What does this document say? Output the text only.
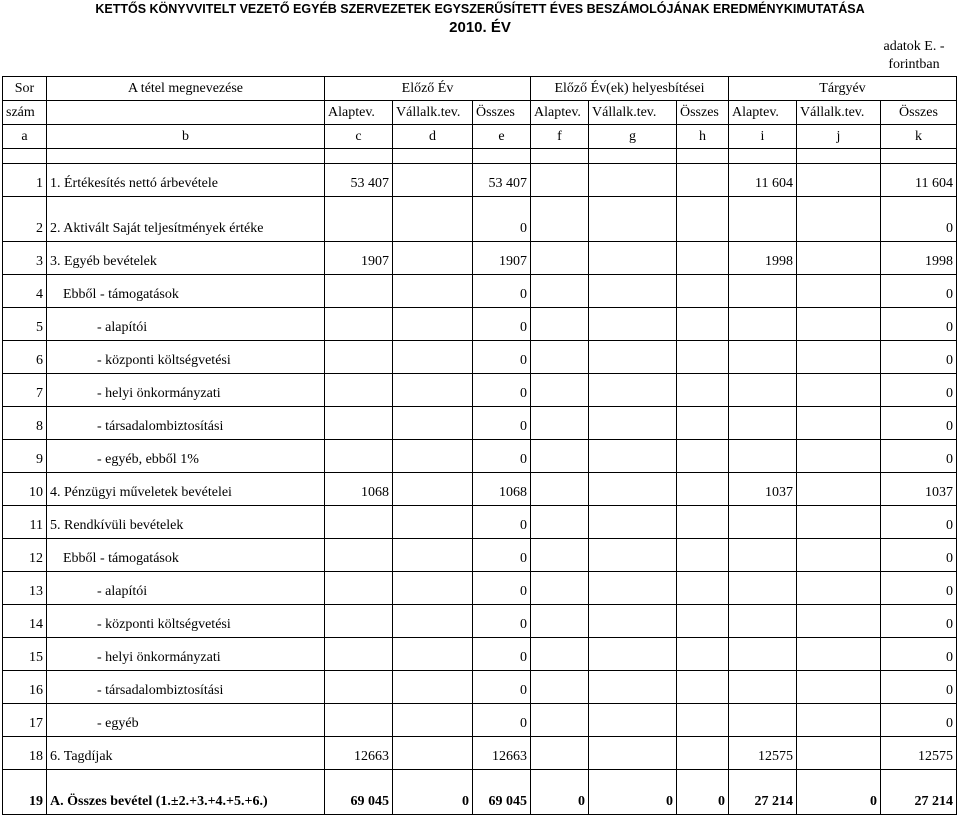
KETTŐS KÖNYVVITELT VEZETŐ EGYÉB SZERVEZETEK EGYSZERŰSÍTETT ÉVES BESZÁMOLÓJÁNAK EREDMÉNYKIMUTATÁSA
2010. ÉV
adatok E. - forintban
Sor	A tétel megnevezése	Előző Év			Előző Év(ek) helyesbítései			Tárgyév		
szám		Alaptev.	Vállalk.tev.	Összes	Alaptev.	Vállalk.tev.	Összes	Alaptev.	Vállalk.tev.	Összes
a	b	c	d	e	f	g	h	i	j	k

1	1. Értékesítés nettó árbevétele	53 407		53 407				11 604		11 604
2	2. Aktivált Saját teljesítmények értéke			0						0
3	3. Egyéb bevételek	1907		1907				1998		1998
4	Ebből - támogatások			0						0
5	- alapítói			0						0
6	- központi költségvetési			0						0
7	- helyi önkormányzati			0						0
8	- társadalombiztosítási			0						0
9	- egyéb, ebből 1%			0						0
10	4. Pénzügyi műveletek bevételei	1068		1068				1037		1037
11	5. Rendkívüli bevételek			0						0
12	Ebből - támogatások			0						0
13	- alapítói			0						0
14	- központi költségvetési			0						0
15	- helyi önkormányzati			0						0
16	- társadalombiztosítási			0						0
17	- egyéb			0						0
18	6. Tagdíjak	12663		12663				12575		12575
19	A. Összes bevétel (1.±2.+3.+4.+5.+6.)	69 045	0	69 045	0	0	0	27 214	0	27 214
